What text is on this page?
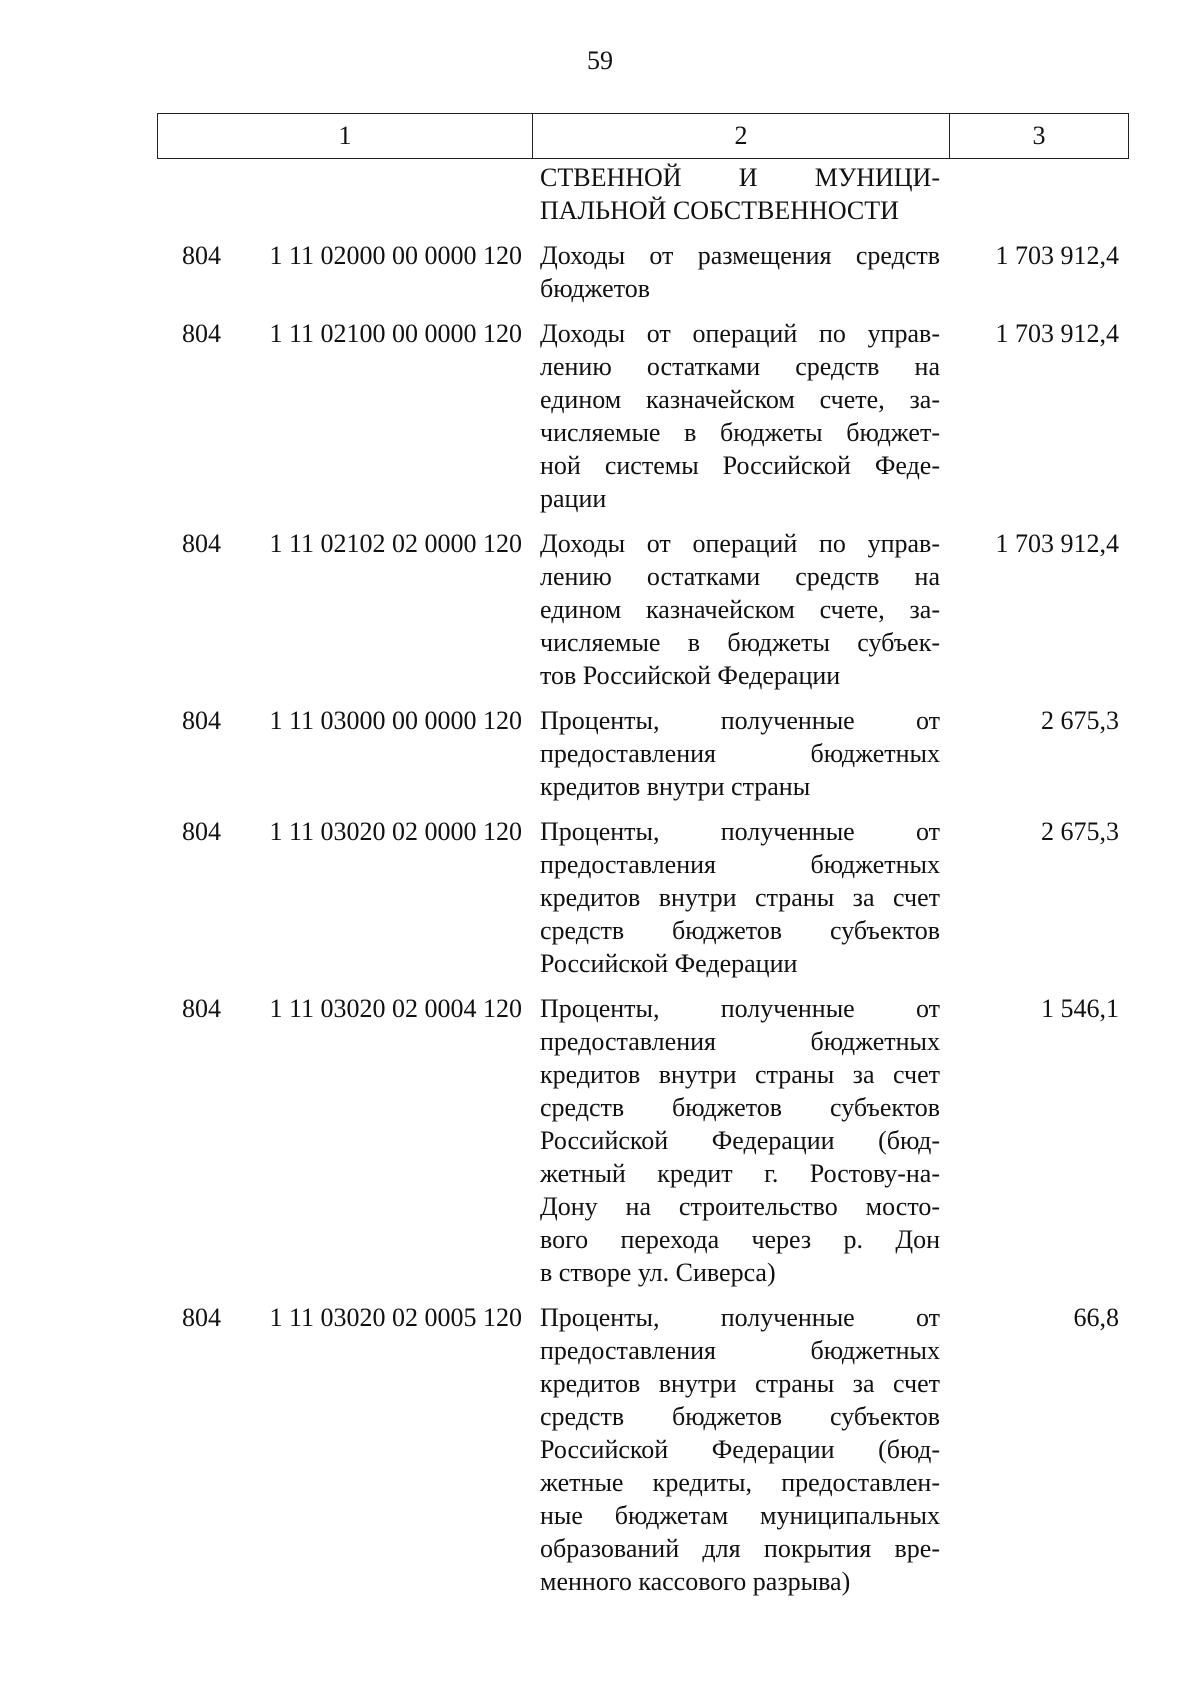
59
1	2	3
СТВЕННОЙ И МУНИЦИ-
ПАЛЬНОЙ СОБСТВЕННОСТИ
804	1 11 02000 00 0000 120 Доходы от размещения средств
бюджетов
1 703 912,4
804	1 11 02100 00 0000 120 Доходы от операций по управ-
лению остатками средств на
едином казначейском счете, за-
числяемые в бюджеты бюджет-
ной системы Российской Феде-
рации
1 703 912,4
804	1 11 02102 02 0000 120 Доходы от операций по управ-
лению остатками средств на
едином казначейском счете, за-
числяемые в бюджеты субъек-
тов Российской Федерации
1 703 912,4
804	1 11 03000 00 0000 120 Проценты, полученные от
предоставления бюджетных
кредитов внутри страны
2 675,3
804	1 11 03020 02 0000 120 Проценты, полученные от
предоставления бюджетных
кредитов внутри страны за счет
средств бюджетов субъектов
Российской Федерации
2 675,3
804	1 11 03020 02 0004 120 Проценты, полученные от
предоставления бюджетных
кредитов внутри страны за счет
средств бюджетов субъектов
Российской Федерации (бюд-
жетный кредит г. Ростову-на-
Дону на строительство мосто-
вого перехода через р. Дон
в створе ул. Сиверса)
1 546,1
804	1 11 03020 02 0005 120 Проценты, полученные от
предоставления бюджетных
кредитов внутри страны за счет
средств бюджетов субъектов
Российской Федерации (бюд-
жетные кредиты, предоставлен-
ные бюджетам муниципальных
образований для покрытия вре-
менного кассового разрыва)
66,8
